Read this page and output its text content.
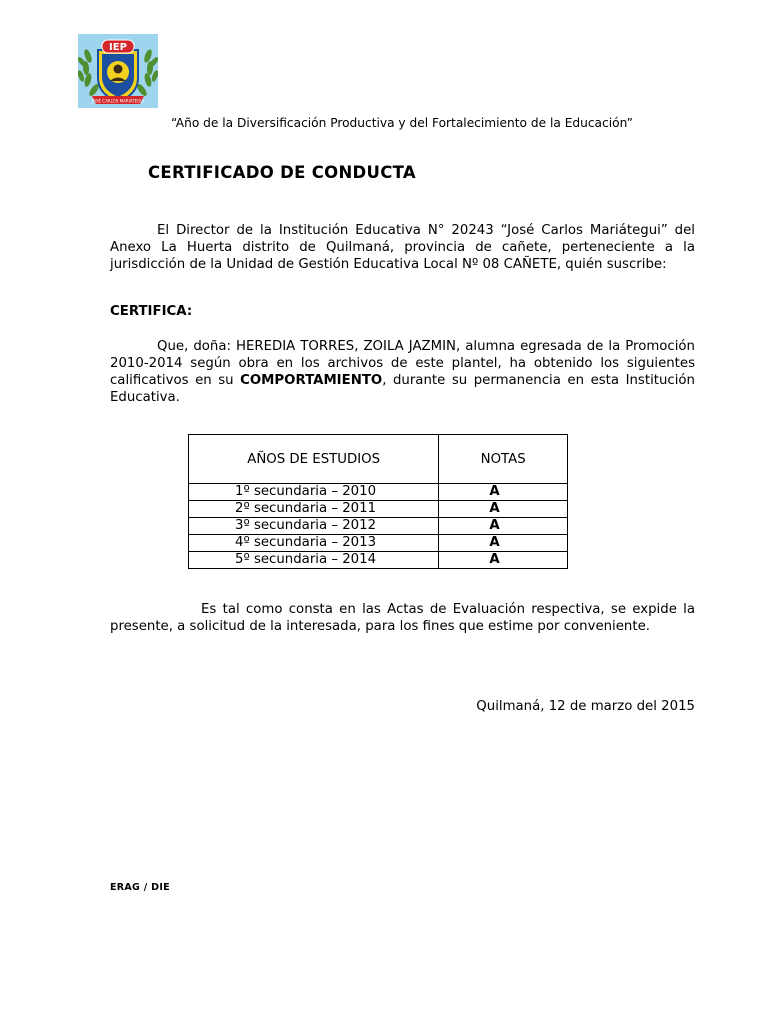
IEP
JOSÉ CARLOS MARIÁTEGUI
“Año de la Diversificación Productiva y del Fortalecimiento de la Educación”
CERTIFICADO DE CONDUCTA

El Director de la Institución Educativa N° 20243 “José Carlos Mariátegui” del Anexo La Huerta distrito de Quilmaná, provincia de cañete, perteneciente a la jurisdicción de la Unidad de Gestión Educativa Local Nº 08 CAÑETE, quién suscribe:

CERTIFICA:

Que, doña: HEREDIA TORRES, ZOILA JAZMIN, alumna egresada de la Promoción 2010-2014 según obra en los archivos de este plantel, ha obtenido los siguientes calificativos en su COMPORTAMIENTO, durante su permanencia en esta Institución Educativa.

AÑOS DE ESTUDIOS	NOTAS
1º secundaria – 2010	A
2º secundaria – 2011	A
3º secundaria – 2012	A
4º secundaria – 2013	A
5º secundaria – 2014	A

Es tal como consta en las Actas de Evaluación respectiva, se expide la presente, a solicitud de la interesada, para los fines que estime por conveniente.

Quilmaná, 12 de marzo del 2015
ERAG / DIE
